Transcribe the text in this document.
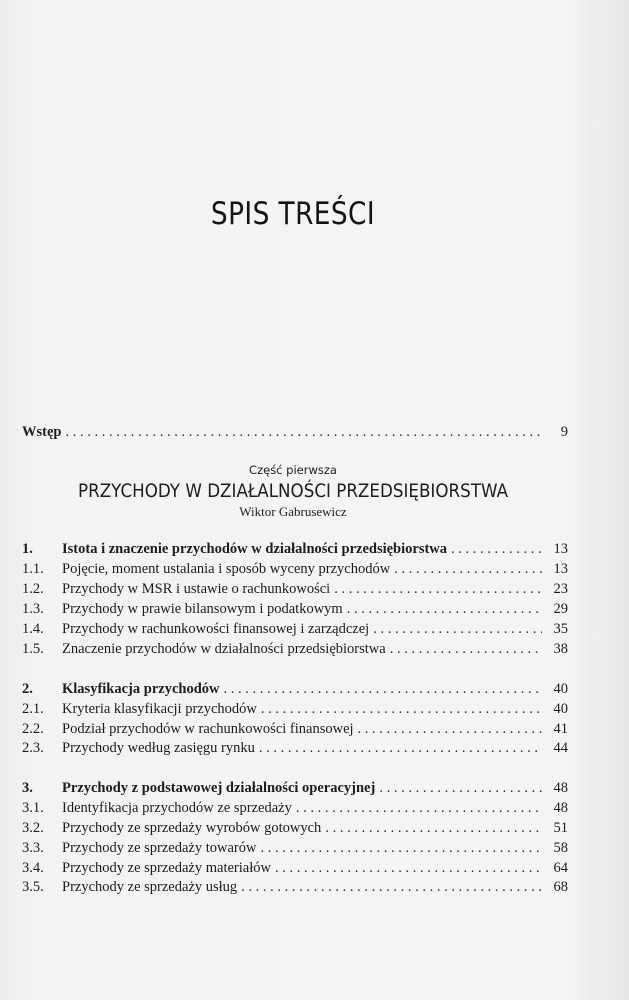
SPIS TREŚCI
Wstęp . . .	9
Część pierwsza
PRZYCHODY W DZIAŁALNOŚCI PRZEDSIĘBIORSTWA
Wiktor Gabrusewicz
1.	Istota i znaczenie przychodów w działalności przedsiębiorstwa . . .	13
1.1.	Pojęcie, moment ustalania i sposób wyceny przychodów . . .	13
1.2.	Przychody w MSR i ustawie o rachunkowości . . .	23
1.3.	Przychody w prawie bilansowym i podatkowym . . .	29
1.4.	Przychody w rachunkowości finansowej i zarządczej . . .	35
1.5.	Znaczenie przychodów w działalności przedsiębiorstwa . . .	38
2.	Klasyfikacja przychodów . . .	40
2.1.	Kryteria klasyfikacji przychodów . . .	40
2.2.	Podział przychodów w rachunkowości finansowej . . .	41
2.3.	Przychody według zasięgu rynku . . .	44
3.	Przychody z podstawowej działalności operacyjnej . . .	48
3.1.	Identyfikacja przychodów ze sprzedaży . . .	48
3.2.	Przychody ze sprzedaży wyrobów gotowych . . .	51
3.3.	Przychody ze sprzedaży towarów . . .	58
3.4.	Przychody ze sprzedaży materiałów . . .	64
3.5.	Przychody ze sprzedaży usług . . .	68
